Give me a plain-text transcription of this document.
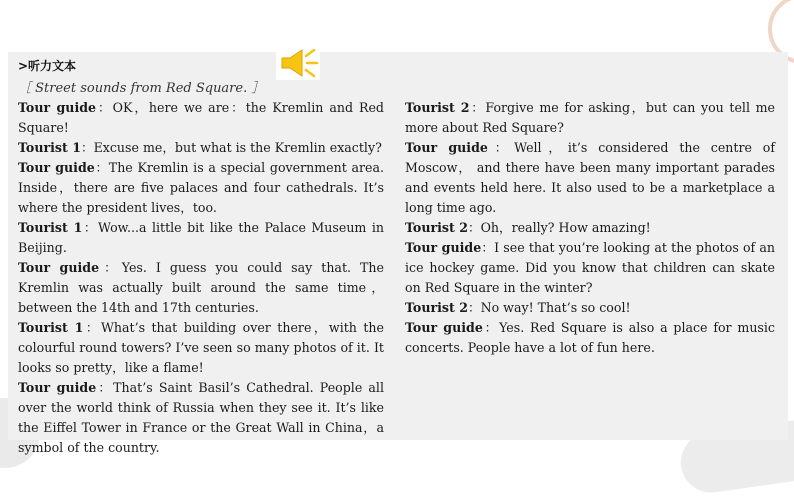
>听力文本
［ Street sounds from Red Square. ］

Tour guide：OK，here we are：the Kremlin and Red Square!

Tourist 1：Excuse me，but what is the Kremlin exactly?

Tour guide：The Kremlin is a special government area. Inside，there are five palaces and four cathedrals. It’s where the president lives，too.

Tourist 1：Wow...a little bit like the Palace Museum in Beijing.

Tour guide：Yes. I guess you could say that. The Kremlin was actually built around the same time， between the 14th and 17th centuries.

Tourist 1：What’s that building over there，with the colourful round towers? I’ve seen so many photos of it. It looks so pretty，like a flame!

Tour guide：That’s Saint Basil’s Cathedral. People all over the world think of Russia when they see it. It’s like the Eiffel Tower in France or the Great Wall in China，a symbol of the country.

Tourist 2：Forgive me for asking，but can you tell me more about Red Square?

Tour guide：Well，it’s considered the centre of Moscow， and there have been many important parades and events held here. It also used to be a marketplace a long time ago.

Tourist 2：Oh，really? How amazing!

Tour guide：I see that you’re looking at the photos of an ice hockey game. Did you know that children can skate on Red Square in the winter?

Tourist 2：No way! That’s so cool!

Tour guide：Yes. Red Square is also a place for music concerts. People have a lot of fun here.
